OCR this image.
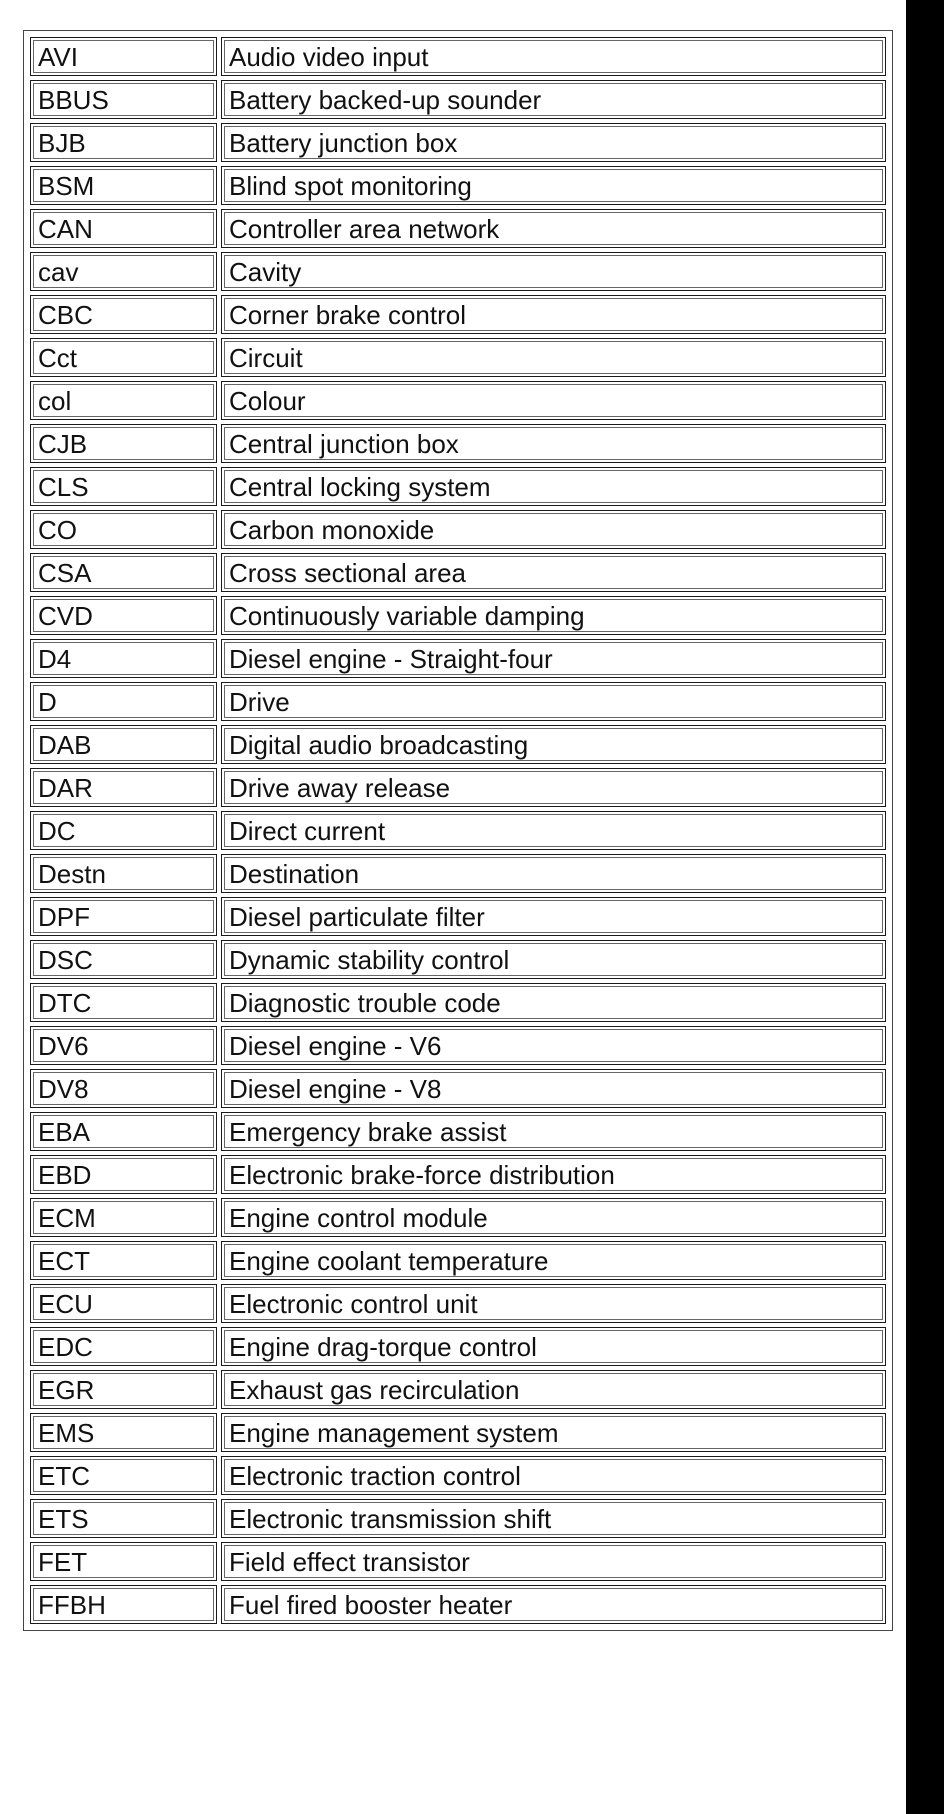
AVI	Audio video input
BBUS	Battery backed-up sounder
BJB	Battery junction box
BSM	Blind spot monitoring
CAN	Controller area network
cav	Cavity
CBC	Corner brake control
Cct	Circuit
col	Colour
CJB	Central junction box
CLS	Central locking system
CO	Carbon monoxide
CSA	Cross sectional area
CVD	Continuously variable damping
D4	Diesel engine - Straight-four
D	Drive
DAB	Digital audio broadcasting
DAR	Drive away release
DC	Direct current
Destn	Destination
DPF	Diesel particulate filter
DSC	Dynamic stability control
DTC	Diagnostic trouble code
DV6	Diesel engine - V6
DV8	Diesel engine - V8
EBA	Emergency brake assist
EBD	Electronic brake-force distribution
ECM	Engine control module
ECT	Engine coolant temperature
ECU	Electronic control unit
EDC	Engine drag-torque control
EGR	Exhaust gas recirculation
EMS	Engine management system
ETC	Electronic traction control
ETS	Electronic transmission shift
FET	Field effect transistor
FFBH	Fuel fired booster heater
